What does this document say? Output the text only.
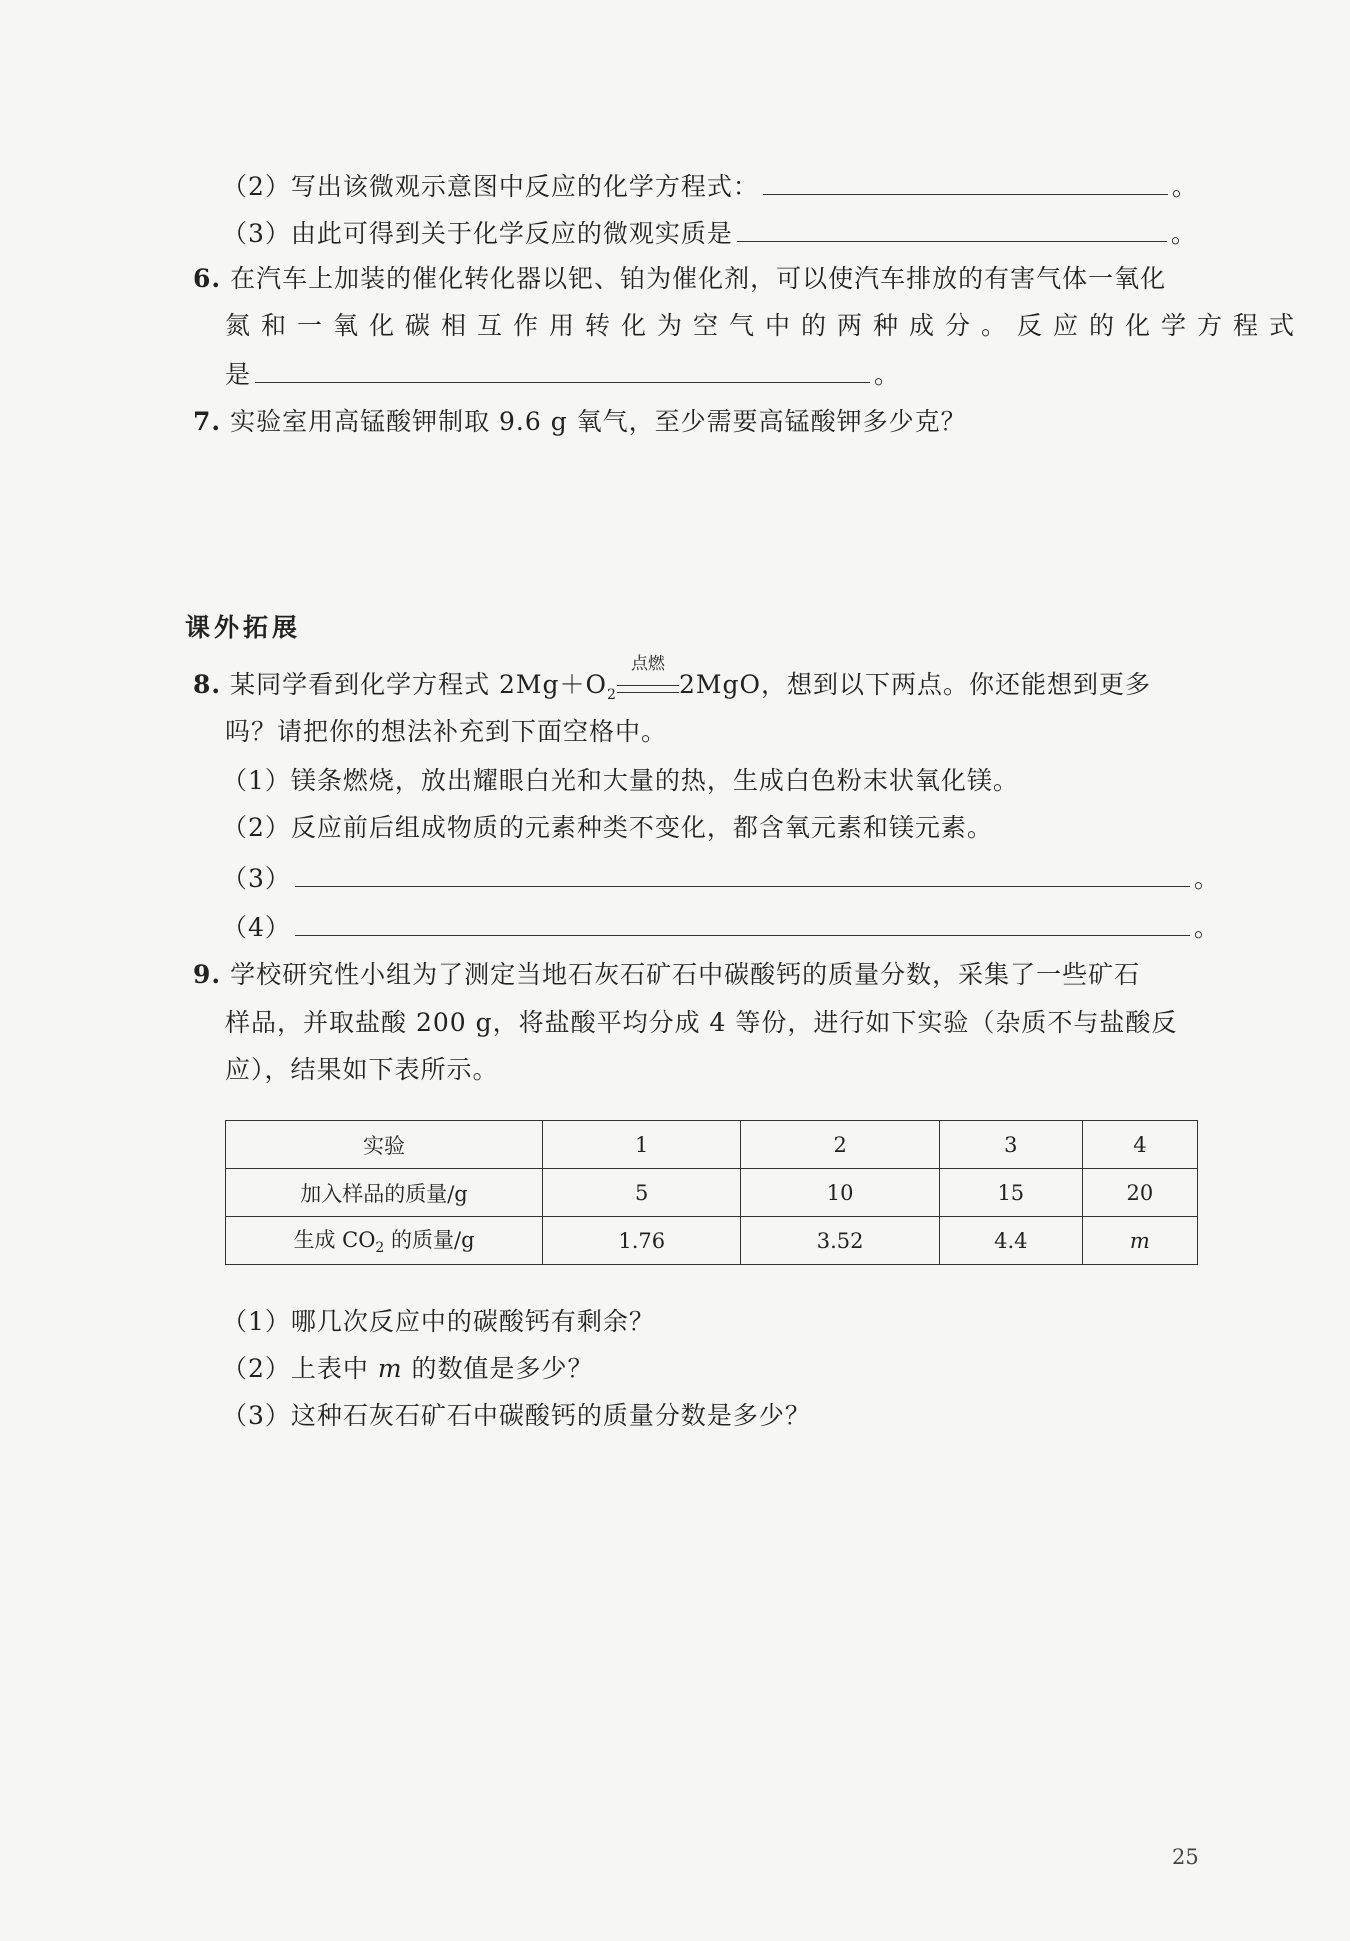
（2）写出该微观示意图中反应的化学方程式：	。
（3）由此可得到关于化学反应的微观实质是	。
6. 在汽车上加装的催化转化器以钯、铂为催化剂，可以使汽车排放的有害气体一氧化
氮和一氧化碳相互作用转化为空气中的两种成分。反应的化学方程式
是	。
7. 实验室用高锰酸钾制取 9.6 g 氧气，至少需要高锰酸钾多少克？
课外拓展
8. 某同学看到化学方程式 $2Mg+O_2$
点燃
2MgO，想到以下两点。你还能想到更多
吗？请把你的想法补充到下面空格中。
（1）镁条燃烧，放出耀眼白光和大量的热，生成白色粉末状氧化镁。
（2）反应前后组成物质的元素种类不变化，都含氧元素和镁元素。
（3）	。
（4）	。
9. 学校研究性小组为了测定当地石灰石矿石中碳酸钙的质量分数，采集了一些矿石
样品，并取盐酸 200 g，将盐酸平均分成 4 等份，进行如下实验（杂质不与盐酸反
应），结果如下表所示。
实验	1	2	3	4
加入样品的质量/g	5	10	15	20
生成 $CO_2$ 的质量/g	1.76	3.52	4.4	m
（1）哪几次反应中的碳酸钙有剩余？
（2）上表中 m 的数值是多少？
（3）这种石灰石矿石中碳酸钙的质量分数是多少？
25
